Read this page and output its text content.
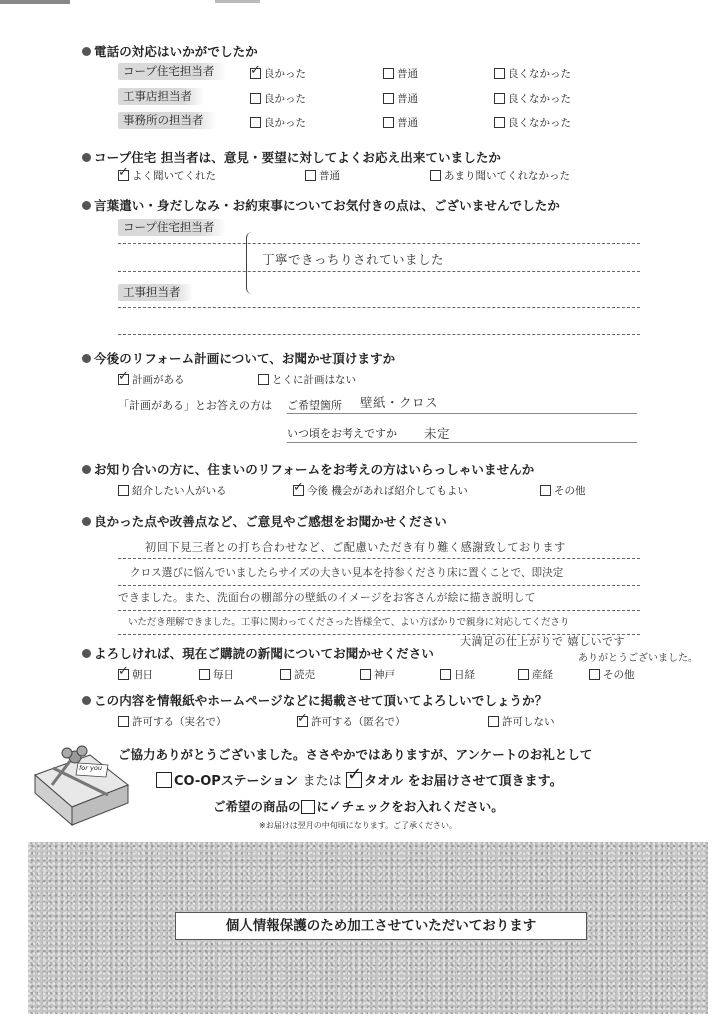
電話の対応はいかがでしたか
コープ住宅担当者	✓ 良かった	普通	良くなかった
工事店担当者	良かった	普通	良くなかった
事務所の担当者	良かった	普通	良くなかった
コープ住宅 担当者は、意見・要望に対してよくお応え出来ていましたか
✓ よく聞いてくれた	普通	あまり聞いてくれなかった
言葉遣い・身だしなみ・お約束事についてお気付きの点は、ございませんでしたか
コープ住宅担当者
丁寧できっちりされていました
工事担当者
今後のリフォーム計画について、お聞かせ頂けますか
✓ 計画がある	とくに計画はない
「計画がある」とお答えの方は ご希望箇所 壁紙・クロス
いつ頃をお考えですか 未定
お知り合いの方に、住まいのリフォームをお考えの方はいらっしゃいませんか
紹介したい人がいる	✓ 今後 機会があれば紹介してもよい	その他
良かった点や改善点など、ご意見やご感想をお聞かせください
初回下見三者との打ち合わせなど、ご配慮いただき有り難く感謝致しております
クロス選びに悩んでいましたらサイズの大きい見本を持参くださり床に置くことで、即決定
できました。また、洗面台の棚部分の壁紙のイメージをお客さんが絵に描き説明して
いただき理解できました。工事に関わってくださった皆様全て、よい方ばかりで親身に対応してくださり
大満足の仕上がりで 嬉しいです
ありがとうございました。
よろしければ、現在ご購読の新聞についてお聞かせください
✓ 朝日	毎日	読売	神戸	日経	産経	その他
この内容を情報紙やホームページなどに掲載させて頂いてよろしいでしょうか？
許可する（実名で）	✓ 許可する（匿名で）	許可しない
for you
ご協力ありがとうございました。ささやかではありますが、アンケートのお礼として
CO-OPステーション または ✓ タオル をお届けさせて頂きます。
ご希望の商品の に✓チェックをお入れください。
※お届けは翌月の中旬頃になります。ご了承ください。
個人情報保護のため加工させていただいております
